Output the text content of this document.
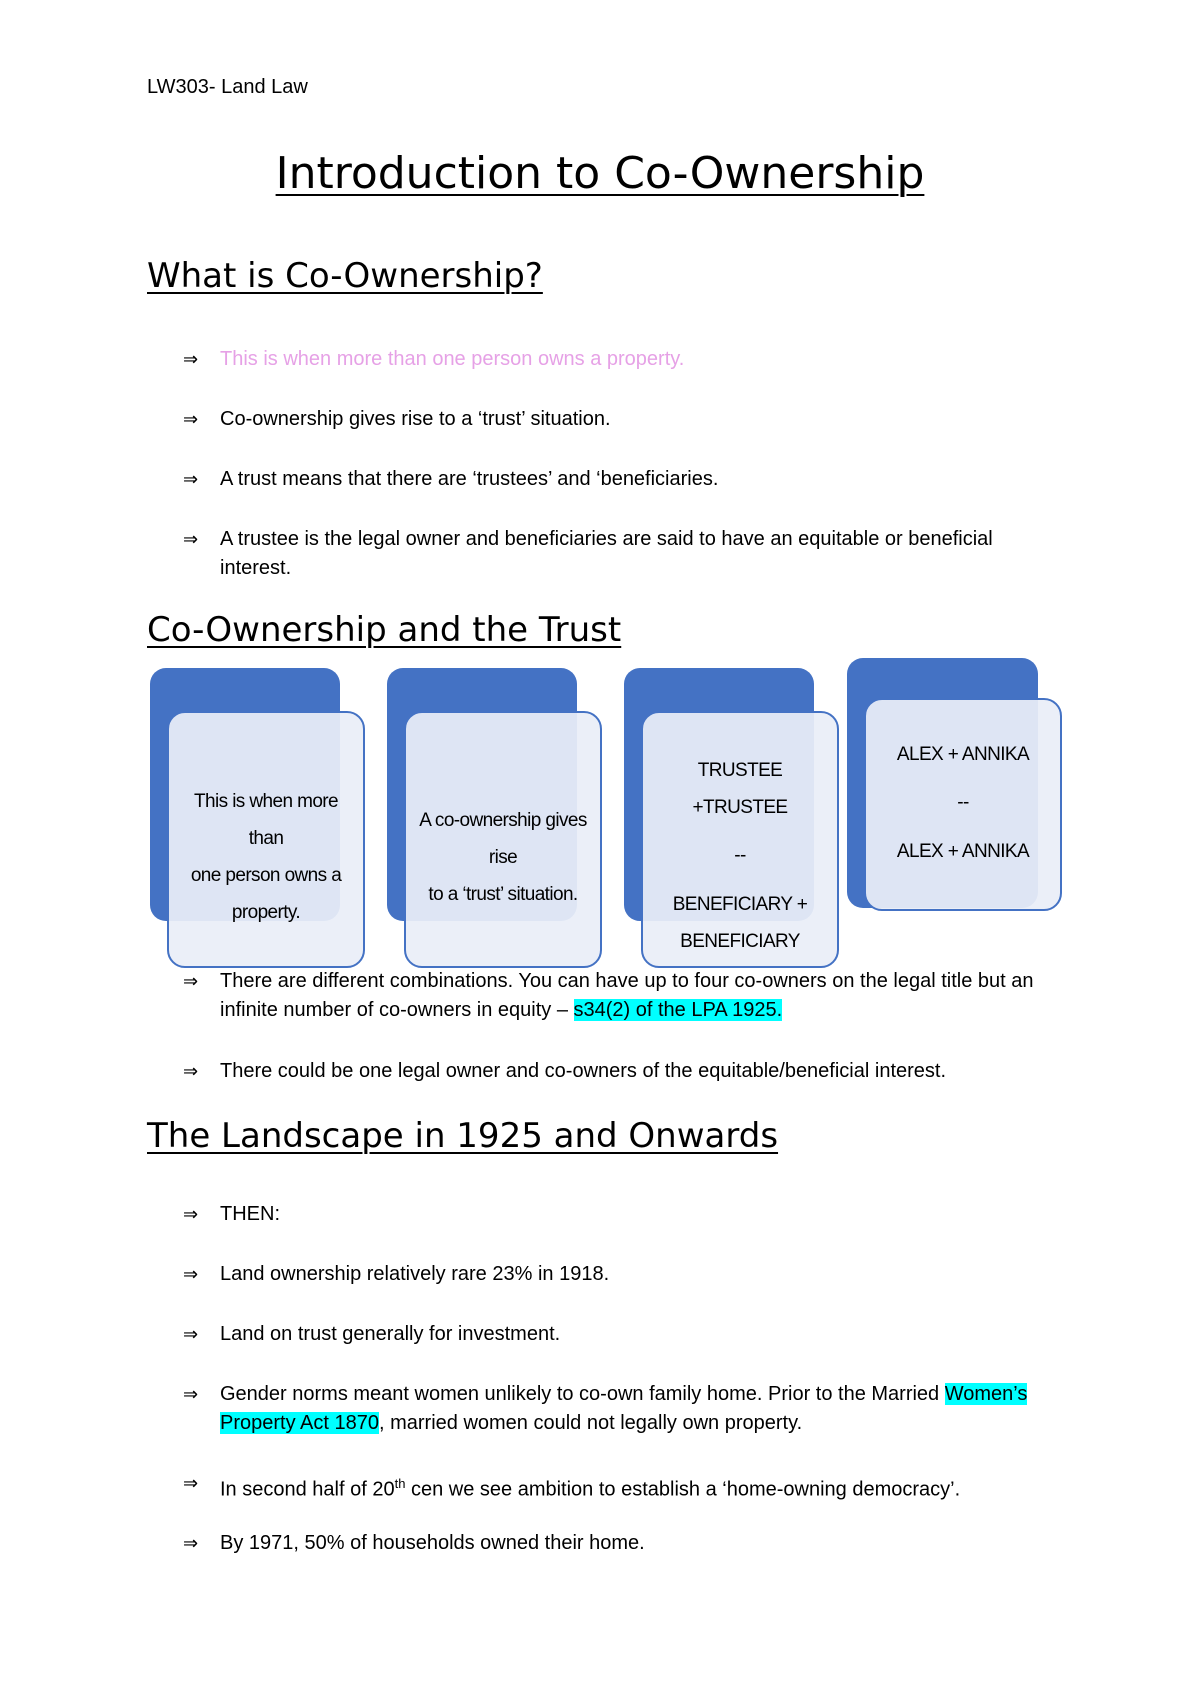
LW303- Land Law
Introduction to Co-Ownership
What is Co-Ownership?
⇒	This is when more than one person owns a property.
⇒	Co-ownership gives rise to a ‘trust’ situation.
⇒	A trust means that there are ‘trustees’ and ‘beneficiaries.
⇒	A trustee is the legal owner and beneficiaries are said to have an equitable or beneficial interest.
Co-Ownership and the Trust
This is when more than
one person owns a
property.
A co-ownership gives rise
to a ‘trust’ situation.
TRUSTEE +TRUSTEE
--
BENEFICIARY +
BENEFICIARY
ALEX + ANNIKA
--
ALEX + ANNIKA
⇒	There are different combinations. You can have up to four co-owners on the legal title but an infinite number of co-owners in equity – s34(2) of the LPA 1925.
⇒	There could be one legal owner and co-owners of the equitable/beneficial interest.
The Landscape in 1925 and Onwards
⇒	THEN:
⇒	Land ownership relatively rare 23% in 1918.
⇒	Land on trust generally for investment.
⇒	Gender norms meant women unlikely to co-own family home. Prior to the Married Women’s Property Act 1870, married women could not legally own property.
⇒	In second half of 20th cen we see ambition to establish a ‘home-owning democracy’.
⇒	By 1971, 50% of households owned their home.
